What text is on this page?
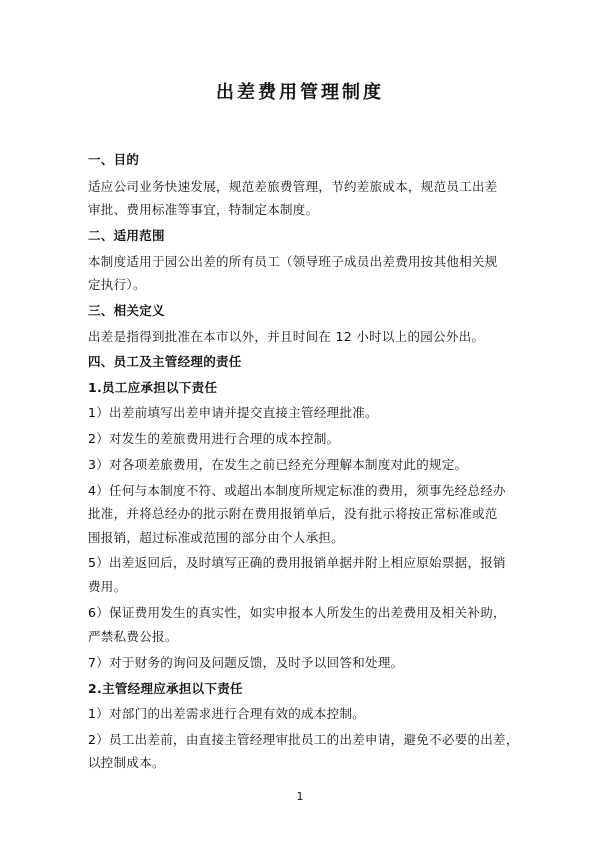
出差费用管理制度
一、目的
适应公司业务快速发展，规范差旅费管理，节约差旅成本，规范员工出差
审批、费用标准等事宜，特制定本制度。
二、适用范围
本制度适用于园公出差的所有员工（领导班子成员出差费用按其他相关规
定执行）。
三、相关定义
出差是指得到批准在本市以外，并且时间在 12 小时以上的园公外出。
四、员工及主管经理的责任
1.员工应承担以下责任
1）出差前填写出差申请并提交直接主管经理批准。
2）对发生的差旅费用进行合理的成本控制。
3）对各项差旅费用，在发生之前已经充分理解本制度对此的规定。
4）任何与本制度不符、或超出本制度所规定标准的费用，须事先经总经办
批准，并将总经办的批示附在费用报销单后，没有批示将按正常标准或范
围报销，超过标准或范围的部分由个人承担。
5）出差返回后，及时填写正确的费用报销单据并附上相应原始票据，报销
费用。
6）保证费用发生的真实性，如实申报本人所发生的出差费用及相关补助，
严禁私费公报。
7）对于财务的询问及问题反馈，及时予以回答和处理。
2.主管经理应承担以下责任
1）对部门的出差需求进行合理有效的成本控制。
2）员工出差前，由直接主管经理审批员工的出差申请，避免不必要的出差，
以控制成本。
1
